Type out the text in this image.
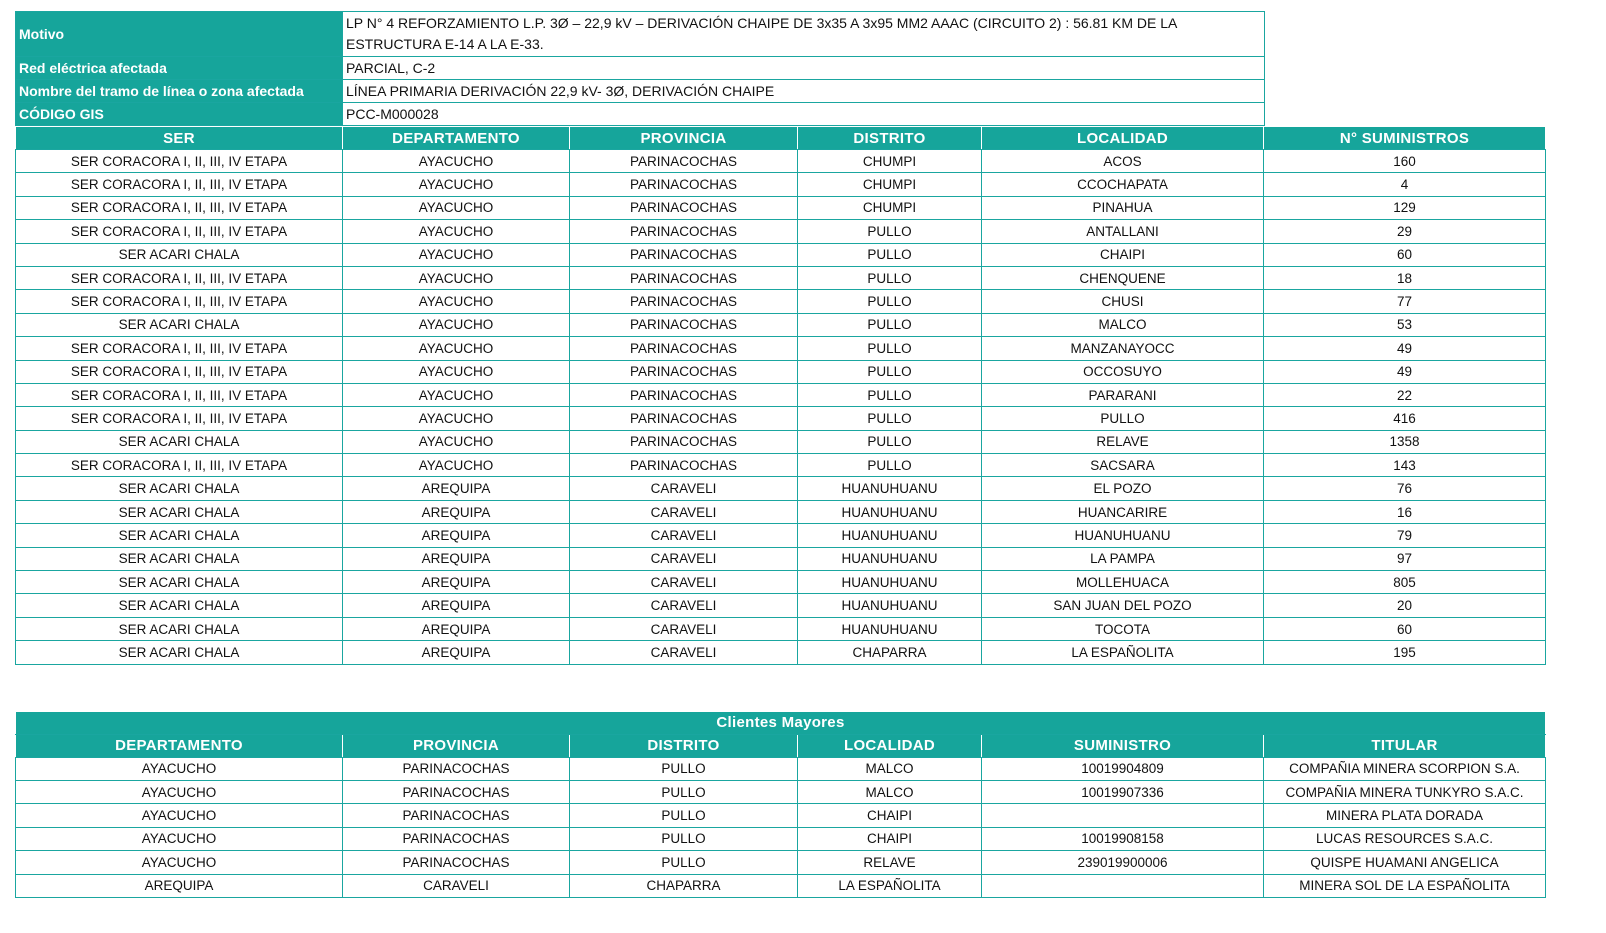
Motivo	LP N° 4 REFORZAMIENTO L.P. 3Ø – 22,9 kV – DERIVACIÓN CHAIPE DE 3x35 A 3x95 MM2 AAAC (CIRCUITO 2) : 56.81 KM DE LA ESTRUCTURA E-14 A LA E-33.
Red eléctrica afectada	PARCIAL, C-2
Nombre del tramo de línea o zona afectada	LÍNEA PRIMARIA DERIVACIÓN 22,9 kV- 3Ø, DERIVACIÓN CHAIPE
CÓDIGO GIS	PCC-M000028
SER	DEPARTAMENTO	PROVINCIA	DISTRITO	LOCALIDAD	N° SUMINISTROS
SER CORACORA I, II, III, IV ETAPA	AYACUCHO	PARINACOCHAS	CHUMPI	ACOS	160
SER CORACORA I, II, III, IV ETAPA	AYACUCHO	PARINACOCHAS	CHUMPI	CCOCHAPATA	4
SER CORACORA I, II, III, IV ETAPA	AYACUCHO	PARINACOCHAS	CHUMPI	PINAHUA	129
SER CORACORA I, II, III, IV ETAPA	AYACUCHO	PARINACOCHAS	PULLO	ANTALLANI	29
SER ACARI CHALA	AYACUCHO	PARINACOCHAS	PULLO	CHAIPI	60
SER CORACORA I, II, III, IV ETAPA	AYACUCHO	PARINACOCHAS	PULLO	CHENQUENE	18
SER CORACORA I, II, III, IV ETAPA	AYACUCHO	PARINACOCHAS	PULLO	CHUSI	77
SER ACARI CHALA	AYACUCHO	PARINACOCHAS	PULLO	MALCO	53
SER CORACORA I, II, III, IV ETAPA	AYACUCHO	PARINACOCHAS	PULLO	MANZANAYOCC	49
SER CORACORA I, II, III, IV ETAPA	AYACUCHO	PARINACOCHAS	PULLO	OCCOSUYO	49
SER CORACORA I, II, III, IV ETAPA	AYACUCHO	PARINACOCHAS	PULLO	PARARANI	22
SER CORACORA I, II, III, IV ETAPA	AYACUCHO	PARINACOCHAS	PULLO	PULLO	416
SER ACARI CHALA	AYACUCHO	PARINACOCHAS	PULLO	RELAVE	1358
SER CORACORA I, II, III, IV ETAPA	AYACUCHO	PARINACOCHAS	PULLO	SACSARA	143
SER ACARI CHALA	AREQUIPA	CARAVELI	HUANUHUANU	EL POZO	76
SER ACARI CHALA	AREQUIPA	CARAVELI	HUANUHUANU	HUANCARIRE	16
SER ACARI CHALA	AREQUIPA	CARAVELI	HUANUHUANU	HUANUHUANU	79
SER ACARI CHALA	AREQUIPA	CARAVELI	HUANUHUANU	LA PAMPA	97
SER ACARI CHALA	AREQUIPA	CARAVELI	HUANUHUANU	MOLLEHUACA	805
SER ACARI CHALA	AREQUIPA	CARAVELI	HUANUHUANU	SAN JUAN DEL POZO	20
SER ACARI CHALA	AREQUIPA	CARAVELI	HUANUHUANU	TOCOTA	60
SER ACARI CHALA	AREQUIPA	CARAVELI	CHAPARRA	LA ESPAÑOLITA	195
Clientes Mayores					
DEPARTAMENTO	PROVINCIA	DISTRITO	LOCALIDAD	SUMINISTRO	TITULAR
AYACUCHO	PARINACOCHAS	PULLO	MALCO	10019904809	COMPAÑIA MINERA SCORPION S.A.
AYACUCHO	PARINACOCHAS	PULLO	MALCO	10019907336	COMPAÑIA MINERA TUNKYRO S.A.C.
AYACUCHO	PARINACOCHAS	PULLO	CHAIPI		MINERA PLATA DORADA
AYACUCHO	PARINACOCHAS	PULLO	CHAIPI	10019908158	LUCAS RESOURCES S.A.C.
AYACUCHO	PARINACOCHAS	PULLO	RELAVE	239019900006	QUISPE HUAMANI ANGELICA
AREQUIPA	CARAVELI	CHAPARRA	LA ESPAÑOLITA		MINERA SOL DE LA ESPAÑOLITA
